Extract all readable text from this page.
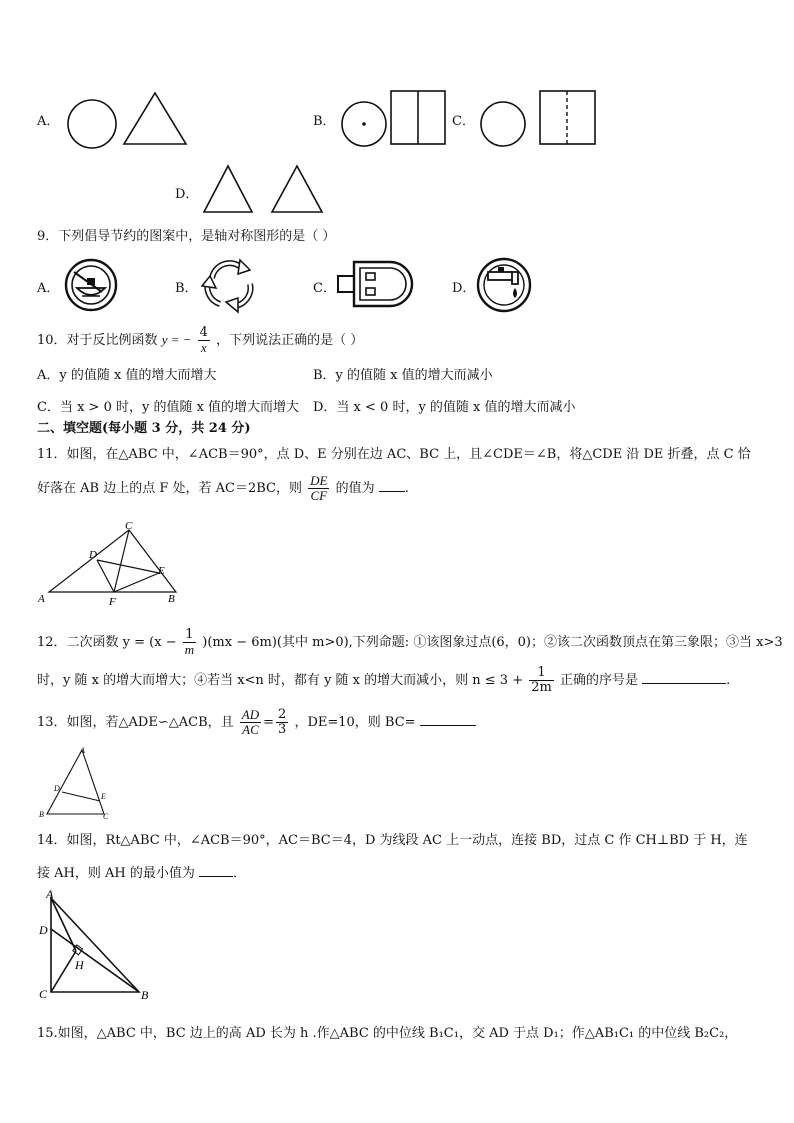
A．	B．	C．
D．
9．下列倡导节约的图案中，是轴对称图形的是（ ）
A．	B．	C．	D．
10．对于反比例函数 y = − $\frac{4}{x}$ ，下列说法正确的是（ ）
A．y 的值随 x 值的增大而增大	B．y 的值随 x 值的增大而减小
C．当 x > 0 时，y 的值随 x 值的增大而增大 D．当 x < 0 时，y 的值随 x 值的增大而减小
二、填空题(每小题 3 分，共 24 分)
11．如图，在△ABC 中，∠ACB＝90°，点 D、E 分别在边 AC、BC 上，且∠CDE＝∠B，将△CDE 沿 DE 折叠，点 C 恰
好落在 AB 边上的点 F 处，若 AC＝2BC，则 $\frac{DE}{CF}$ 的值为 .
A	B
C
D
E
F
12．二次函数 $y = (x - \frac{1}{m} )(mx - 6m)$(其中 m>0),下列命题: ①该图象过点(6，0)；②该二次函数顶点在第三象限；③当 x>3
时，y 随 x 的增大而增大；④若当 x<n 时，都有 y 随 x 的增大而减小，则 $n \le 3 + \frac{1}{2m}$ 正确的序号是	.
13．如图，若△ADE∽△ACB，且 $\frac{AD}{AC} = \frac{2}{3}$ ，DE=10，则 BC=
A
B	C
D
E
14．如图，Rt△ABC 中，∠ACB＝90°，AC＝BC＝4，D 为线段 AC 上一动点，连接 BD，过点 C 作 CH⊥BD 于 H，连
接 AH，则 AH 的最小值为	．
A
B
C
D
H
15.如图，△ABC 中，BC 边上的高 AD 长为 h .作△ABC 的中位线 B₁C₁，交 AD 于点 D₁；作△AB₁C₁ 的中位线 B₂C₂，
